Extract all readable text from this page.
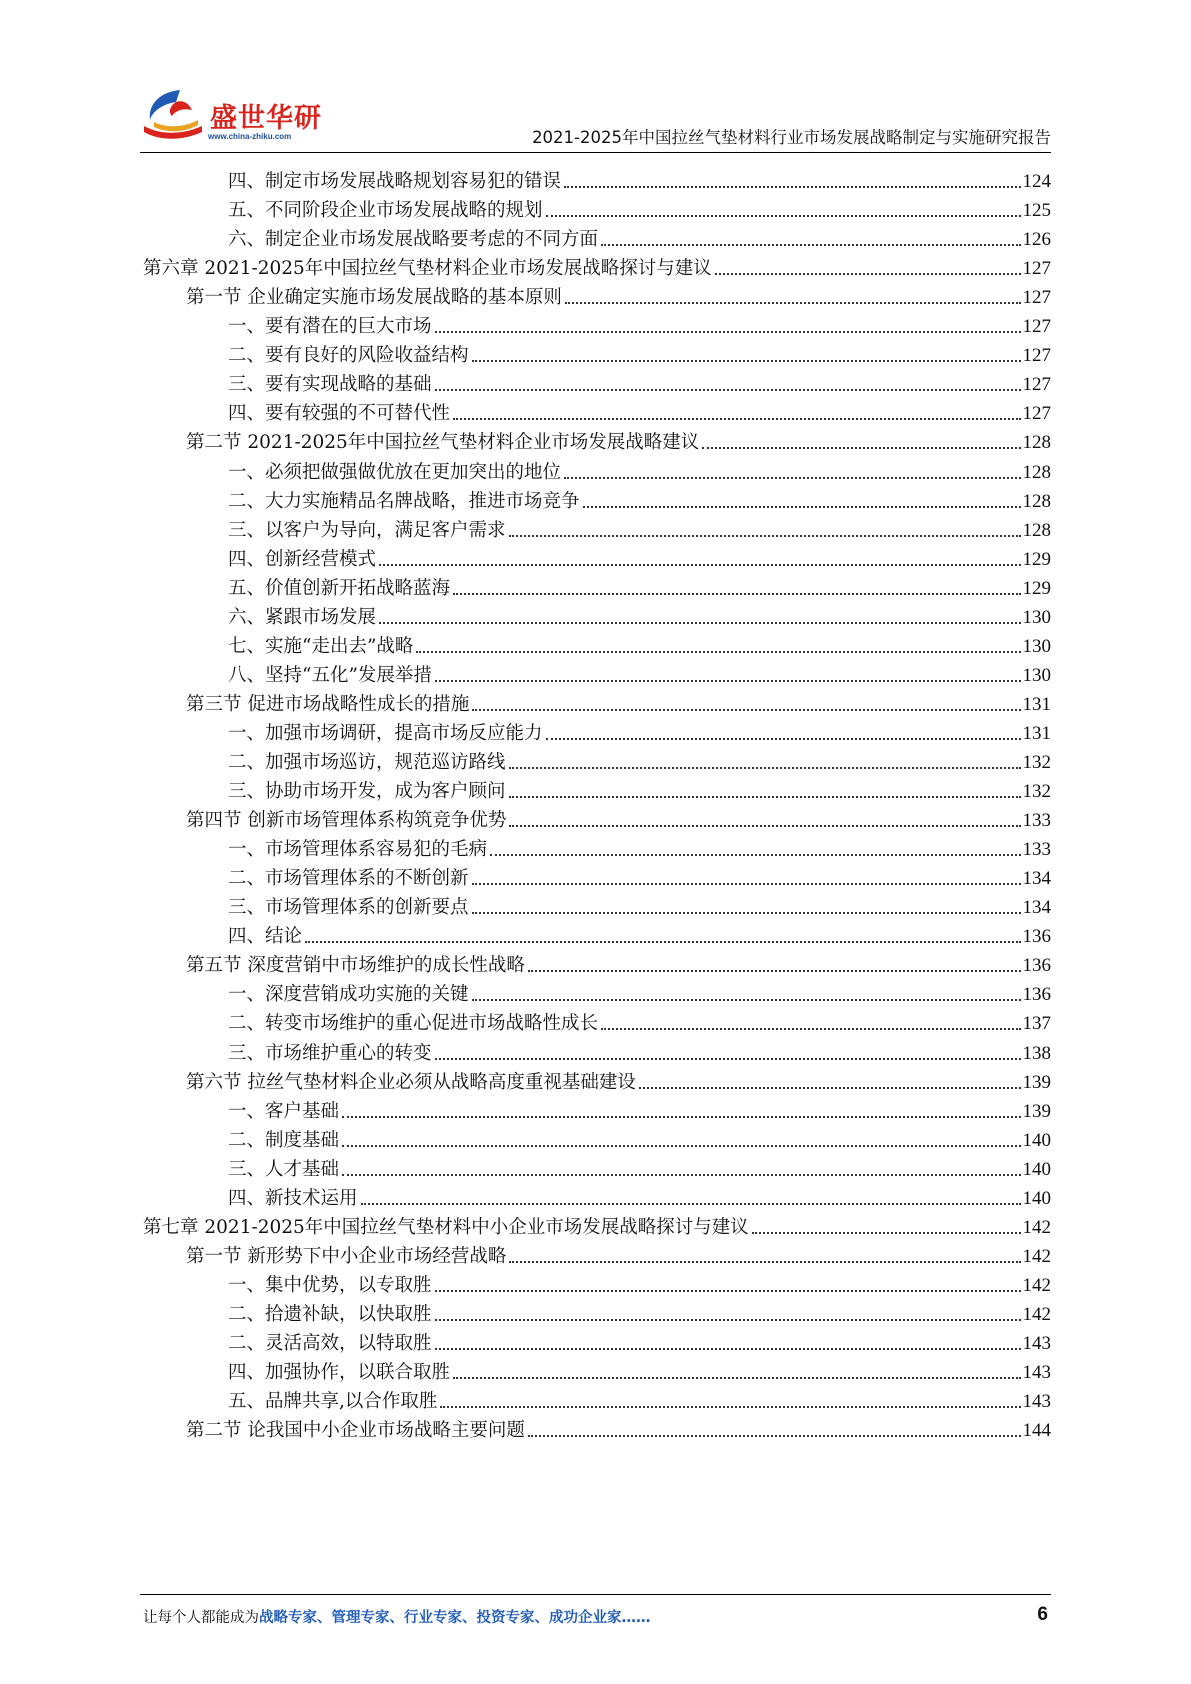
盛世华研
www.china-zhiku.com	2021-2025年中国拉丝气垫材料行业市场发展战略制定与实施研究报告
四、制定市场发展战略规划容易犯的错误	124
五、不同阶段企业市场发展战略的规划	125
六、制定企业市场发展战略要考虑的不同方面	126
第六章 2021-2025年中国拉丝气垫材料企业市场发展战略探讨与建议	127
第一节 企业确定实施市场发展战略的基本原则	127
一、要有潜在的巨大市场	127
二、要有良好的风险收益结构	127
三、要有实现战略的基础	127
四、要有较强的不可替代性	127
第二节 2021-2025年中国拉丝气垫材料企业市场发展战略建议	128
一、必须把做强做优放在更加突出的地位	128
二、大力实施精品名牌战略，推进市场竞争	128
三、以客户为导向，满足客户需求	128
四、创新经营模式	129
五、价值创新开拓战略蓝海	129
六、紧跟市场发展	130
七、实施“走出去”战略	130
八、坚持“五化”发展举措	130
第三节 促进市场战略性成长的措施	131
一、加强市场调研，提高市场反应能力	131
二、加强市场巡访，规范巡访路线	132
三、协助市场开发，成为客户顾问	132
第四节 创新市场管理体系构筑竞争优势	133
一、市场管理体系容易犯的毛病	133
二、市场管理体系的不断创新	134
三、市场管理体系的创新要点	134
四、结论	136
第五节 深度营销中市场维护的成长性战略	136
一、深度营销成功实施的关键	136
二、转变市场维护的重心促进市场战略性成长	137
三、市场维护重心的转变	138
第六节 拉丝气垫材料企业必须从战略高度重视基础建设	139
一、客户基础	139
二、制度基础	140
三、人才基础	140
四、新技术运用	140
第七章 2021-2025年中国拉丝气垫材料中小企业市场发展战略探讨与建议	142
第一节 新形势下中小企业市场经营战略	142
一、集中优势，以专取胜	142
二、拾遗补缺，以快取胜	142
二、灵活高效，以特取胜	143
四、加强协作，以联合取胜	143
五、品牌共享,以合作取胜	143
第二节 论我国中小企业市场战略主要问题	144
让每个人都能成为战略专家、管理专家、行业专家、投资专家、成功企业家……	6
